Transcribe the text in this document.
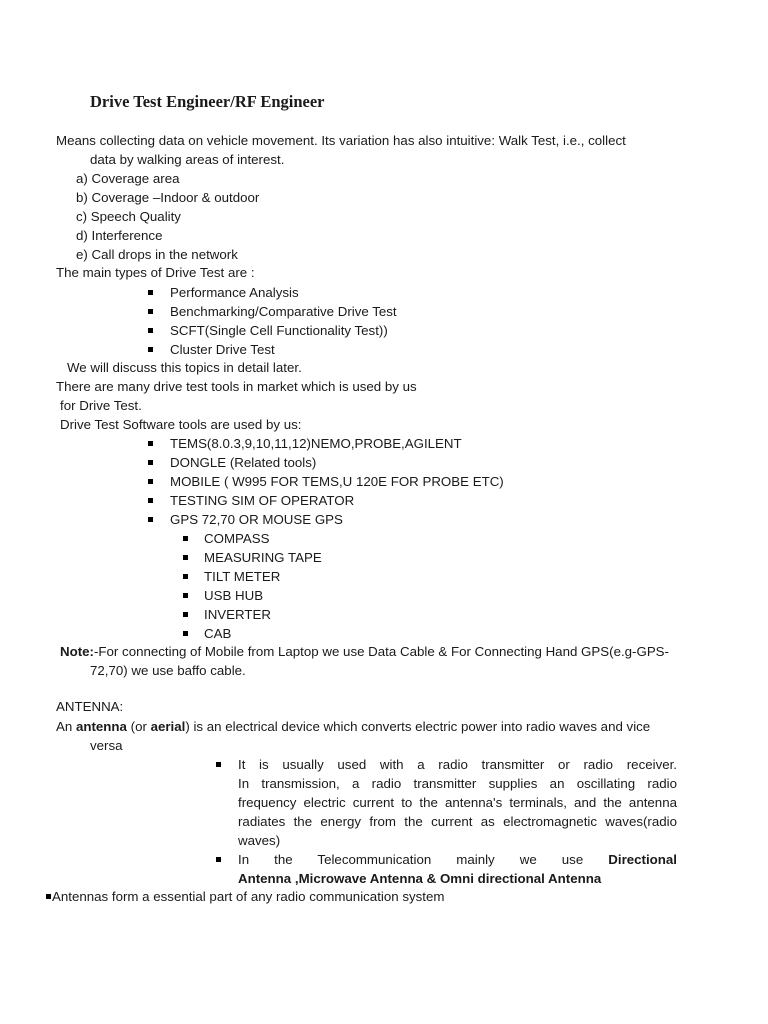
Drive Test Engineer/RF Engineer
Means collecting data on vehicle movement. Its variation has also intuitive: Walk Test, i.e., collect
data by walking areas of interest.
a) Coverage area
b) Coverage –Indoor & outdoor
c) Speech Quality
d) Interference
e) Call drops in the network
The main types of Drive Test are :
Performance Analysis
Benchmarking/Comparative Drive Test
SCFT(Single Cell Functionality Test))
Cluster Drive Test
We will discuss this topics in detail later.
There are many drive test tools in market which is used by us
for Drive Test.
Drive Test Software tools are used by us:
TEMS(8.0.3,9,10,11,12)NEMO,PROBE,AGILENT
DONGLE (Related tools)
MOBILE ( W995 FOR TEMS,U 120E FOR PROBE ETC)
TESTING SIM OF OPERATOR
GPS 72,70 OR MOUSE GPS
COMPASS
MEASURING TAPE
TILT METER
USB HUB
INVERTER
CAB
Note:-For connecting of Mobile from Laptop we use Data Cable & For Connecting Hand GPS(e.g-GPS-
72,70) we use baffo cable.
ANTENNA:
An antenna (or aerial) is an electrical device which converts electric power into radio waves and vice
versa
It is usually used with a radio transmitter or radio receiver.
In transmission, a radio transmitter supplies an oscillating radio
frequency electric current to the antenna's terminals, and the antenna
radiates the energy from the current as electromagnetic waves(radio
waves)
In the Telecommunication mainly we use Directional
Antenna ,Microwave Antenna & Omni directional Antenna
Antennas form a essential part of any radio communication system
